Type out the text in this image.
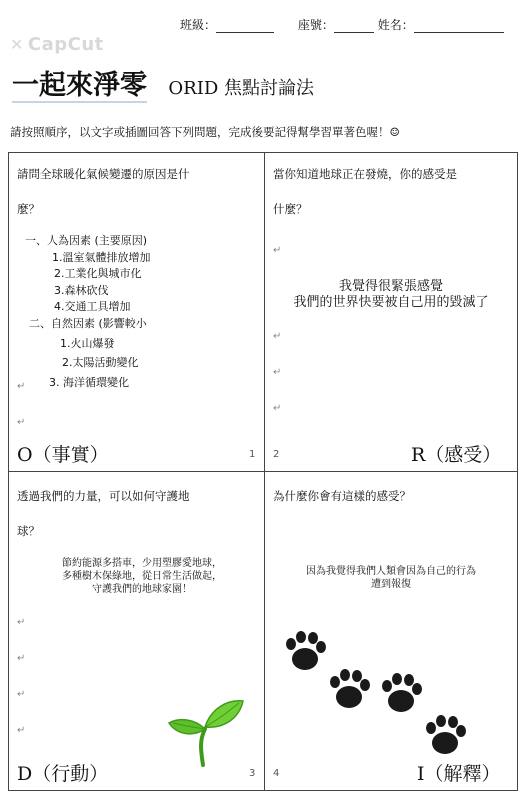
班級：	座號：	姓名：
✕ CapCut
一起來淨零 ORID 焦點討論法
請按照順序，以文字或插圖回答下列問題，完成後要記得幫學習單著色喔！☺
請問全球暖化氣候變遷的原因是什
麼？
一、人為因素 (主要原因)
1.溫室氣體排放增加
2.工業化與城市化
3.森林砍伐
4.交通工具增加
二、自然因素 (影響較小
1.火山爆發
2.太陽活動變化
3. 海洋循環變化
↵
↵
O（事實）	1
當你知道地球正在發燒，你的感受是
什麼？
↵
我覺得很緊張感覺
我們的世界快要被自己用的毀滅了
↵
↵
↵
2	R（感受）
透過我們的力量，可以如何守護地
球？
節約能源多搭車，少用塑膠愛地球，
多種樹木保綠地，從日常生活做起，
守護我們的地球家園！
↵
↵
↵
↵
D（行動）	3
為什麼你會有這樣的感受？
因為我覺得我們人類會因為自己的行為
遭到報復
4	I（解釋）
